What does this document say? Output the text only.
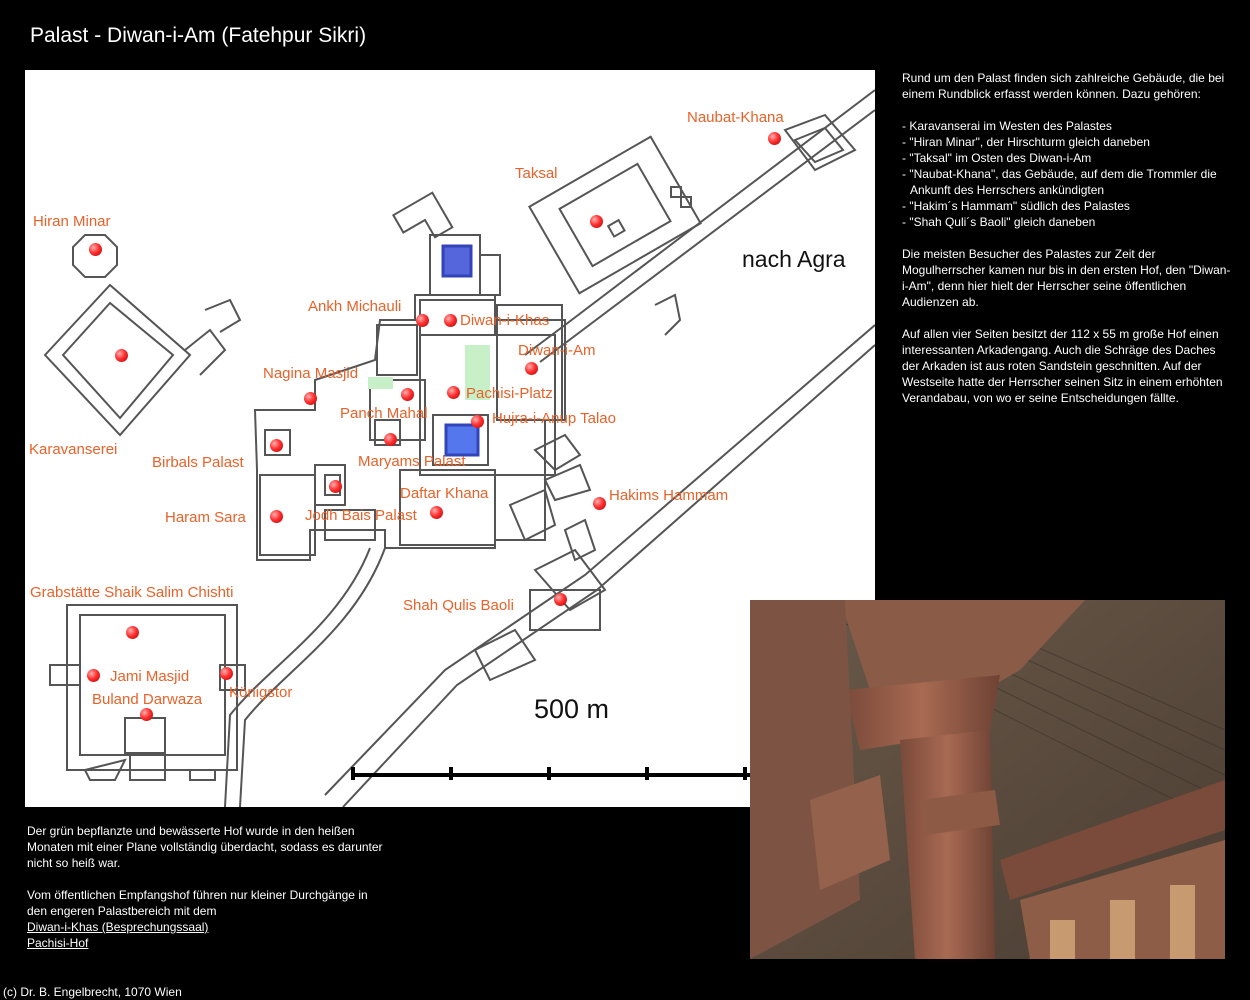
Palast - Diwan-i-Am (Fatehpur Sikri)
Naubat-Khana
Taksal
Hiran Minar
nach Agra
Ankh Michauli
Diwan-i-Khas
Diwan-i-Am
Nagina Masjid
Pachisi-Platz
Panch Mahal	Hujra-i-Anup Talao
Karavanserei
Birbals Palast	Maryams Palast
Daftar Khana	Hakims Hammam
Haram Sara	Jodh Bais Palast
Grabstätte Shaik Salim Chishti
Shah Qulis Baoli
Jami Masjid
Königstor
Buland Darwaza	500 m

Rund um den Palast finden sich zahlreiche Gebäude, die bei einem Rundblick erfasst werden können. Dazu gehören:

- Karavanserai im Westen des Palastes
- "Hiran Minar", der Hirschturm gleich daneben
- "Taksal" im Osten des Diwan-i-Am
- "Naubat-Khana", das Gebäude, auf dem die Trommler die Ankunft des Herrschers ankündigten
- "Hakim´s Hammam" südlich des Palastes
- "Shah Quli´s Baoli" gleich daneben

Die meisten Besucher des Palastes zur Zeit der Mogulherrscher kamen nur bis in den ersten Hof, den "Diwan-i-Am", denn hier hielt der Herrscher seine öffentlichen Audienzen ab.

Auf allen vier Seiten besitzt der 112 x 55 m große Hof einen interessanten Arkadengang. Auch die Schräge des Daches der Arkaden ist aus roten Sandstein geschnitten. Auf der Westseite hatte der Herrscher seinen Sitz in einem erhöhten Verandabau, von wo er seine Entscheidungen fällte.

Der grün bepflanzte und bewässerte Hof wurde in den heißen Monaten mit einer Plane vollständig überdacht, sodass es darunter nicht so heiß war.

Vom öffentlichen Empfangshof führen nur kleiner Durchgänge in den engeren Palastbereich mit dem
Diwan-i-Khas (Besprechungssaal)
Pachisi-Hof
(c) Dr. B. Engelbrecht, 1070 Wien
